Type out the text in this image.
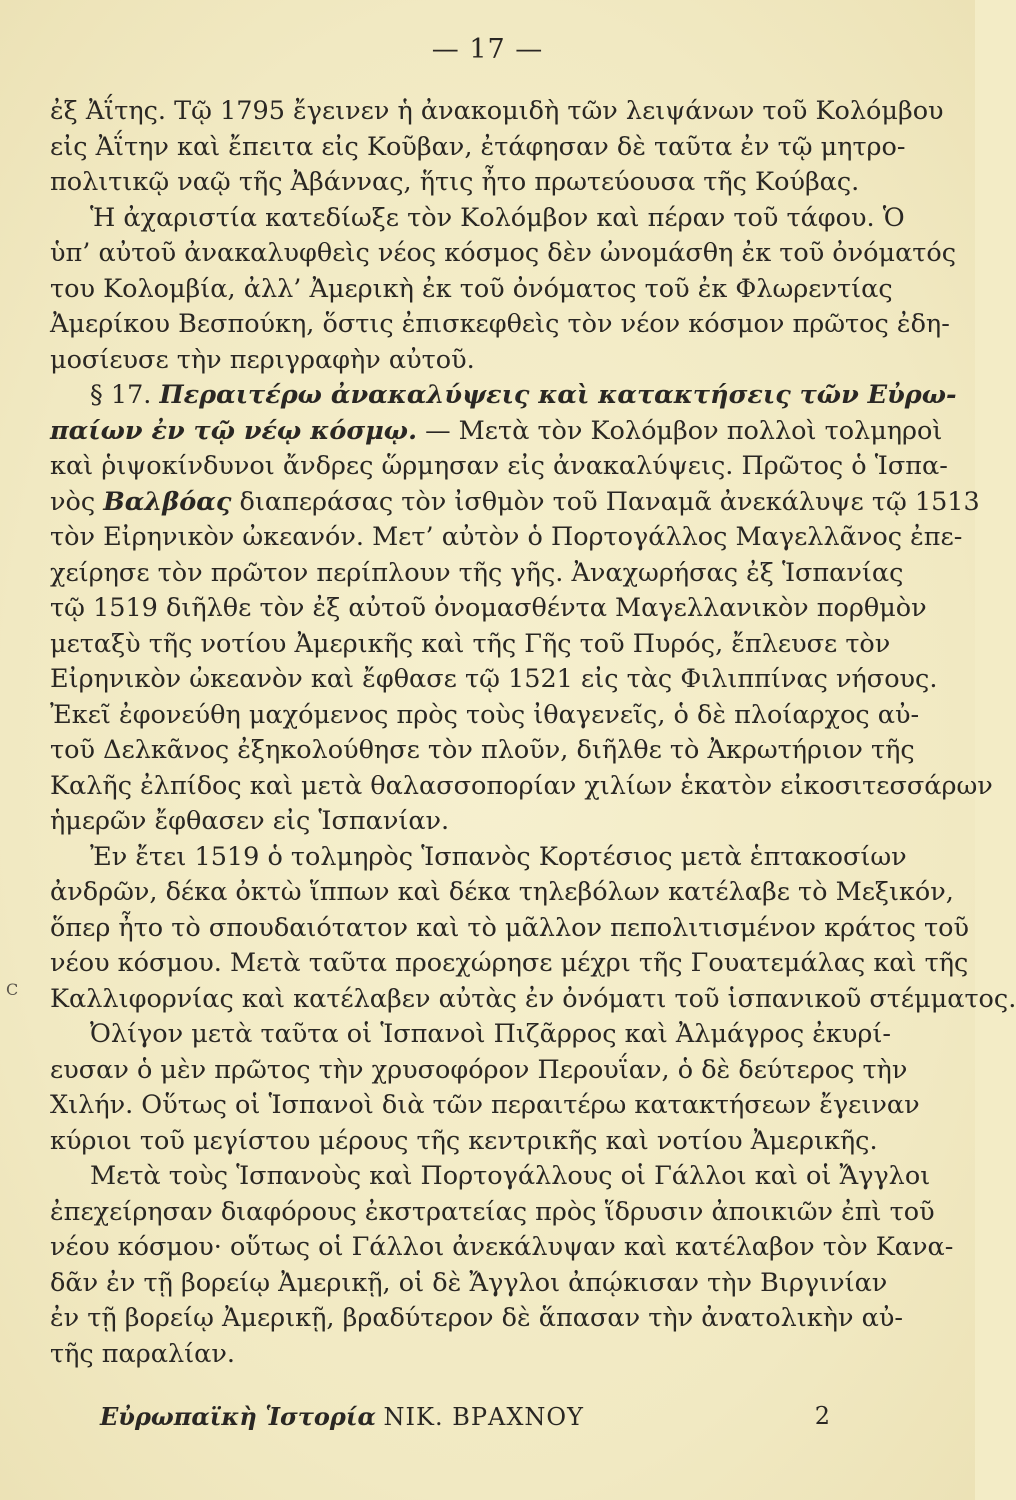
— 17 —
ἐξ Ἀΐτης. Τῷ 1795 ἔγεινεν ἡ ἀνακομιδὴ τῶν λειψάνων τοῦ Κολόμβου
εἰς Ἀΐτην καὶ ἔπειτα εἰς Κοῦβαν, ἐτάφησαν δὲ ταῦτα ἐν τῷ μητρο-
πολιτικῷ ναῷ τῆς Ἀβάννας, ἥτις ἦτο πρωτεύουσα τῆς Κούβας.
Ἡ ἀχαριστία κατεδίωξε τὸν Κολόμβον καὶ πέραν τοῦ τάφου. Ὁ
ὑπ’ αὐτοῦ ἀνακαλυφθεὶς νέος κόσμος δὲν ὠνομάσθη ἐκ τοῦ ὀνόματός
του Κολομβία, ἀλλ’ Ἀμερικὴ ἐκ τοῦ ὀνόματος τοῦ ἐκ Φλωρεντίας
Ἀμερίκου Βεσπούκη, ὅστις ἐπισκεφθεὶς τὸν νέον κόσμον πρῶτος ἐδη-
μοσίευσε τὴν περιγραφὴν αὐτοῦ.
§ 17. Περαιτέρω ἀνακαλύψεις καὶ κατακτήσεις τῶν Εὐρω-
παίων ἐν τῷ νέῳ κόσμῳ. — Μετὰ τὸν Κολόμβον πολλοὶ τολμηροὶ
καὶ ῥιψοκίνδυνοι ἄνδρες ὥρμησαν εἰς ἀνακαλύψεις. Πρῶτος ὁ Ἱσπα-
νὸς Βαλβόας διαπεράσας τὸν ἰσθμὸν τοῦ Παναμᾶ ἀνεκάλυψε τῷ 1513
τὸν Εἰρηνικὸν ὠκεανόν. Μετ’ αὐτὸν ὁ Πορτογάλλος Μαγελλᾶνος ἐπε-
χείρησε τὸν πρῶτον περίπλουν τῆς γῆς. Ἀναχωρήσας ἐξ Ἱσπανίας
τῷ 1519 διῆλθε τὸν ἐξ αὐτοῦ ὀνομασθέντα Μαγελλανικὸν πορθμὸν
μεταξὺ τῆς νοτίου Ἀμερικῆς καὶ τῆς Γῆς τοῦ Πυρός, ἔπλευσε τὸν
Εἰρηνικὸν ὠκεανὸν καὶ ἔφθασε τῷ 1521 εἰς τὰς Φιλιππίνας νήσους.
Ἐκεῖ ἐφονεύθη μαχόμενος πρὸς τοὺς ἰθαγενεῖς, ὁ δὲ πλοίαρχος αὐ-
τοῦ Δελκᾶνος ἐξηκολούθησε τὸν πλοῦν, διῆλθε τὸ Ἀκρωτήριον τῆς
Καλῆς ἐλπίδος καὶ μετὰ θαλασσοπορίαν χιλίων ἑκατὸν εἰκοσιτεσσάρων
ἡμερῶν ἔφθασεν εἰς Ἱσπανίαν.
Ἐν ἔτει 1519 ὁ τολμηρὸς Ἱσπανὸς Κορτέσιος μετὰ ἑπτακοσίων
ἀνδρῶν, δέκα ὀκτὼ ἵππων καὶ δέκα τηλεβόλων κατέλαβε τὸ Μεξικόν,
ὅπερ ἦτο τὸ σπουδαιότατον καὶ τὸ μᾶλλον πεπολιτισμένον κράτος τοῦ
νέου κόσμου. Μετὰ ταῦτα προεχώρησε μέχρι τῆς Γουατεμάλας καὶ τῆς
Καλλιφορνίας καὶ κατέλαβεν αὐτὰς ἐν ὀνόματι τοῦ ἱσπανικοῦ στέμματος.
Ὀλίγον μετὰ ταῦτα οἱ Ἱσπανοὶ Πιζᾶρρος καὶ Ἀλμάγρος ἐκυρί-
ευσαν ὁ μὲν πρῶτος τὴν χρυσοφόρον Περουΐαν, ὁ δὲ δεύτερος τὴν
Χιλήν. Οὕτως οἱ Ἱσπανοὶ διὰ τῶν περαιτέρω κατακτήσεων ἔγειναν
κύριοι τοῦ μεγίστου μέρους τῆς κεντρικῆς καὶ νοτίου Ἀμερικῆς.
Μετὰ τοὺς Ἱσπανοὺς καὶ Πορτογάλλους οἱ Γάλλοι καὶ οἱ Ἄγγλοι
ἐπεχείρησαν διαφόρους ἐκστρατείας πρὸς ἵδρυσιν ἀποικιῶν ἐπὶ τοῦ
νέου κόσμου· οὕτως οἱ Γάλλοι ἀνεκάλυψαν καὶ κατέλαβον τὸν Κανα-
δᾶν ἐν τῇ βορείῳ Ἀμερικῇ, οἱ δὲ Ἄγγλοι ἀπῴκισαν τὴν Βιργινίαν
ἐν τῇ βορείῳ Ἀμερικῇ, βραδύτερον δὲ ἅπασαν τὴν ἀνατολικὴν αὐ-
τῆς παραλίαν.
C
Εὐρωπαϊκὴ Ἱστορία ΝΙΚ. ΒΡΑΧΝΟΥ	2
